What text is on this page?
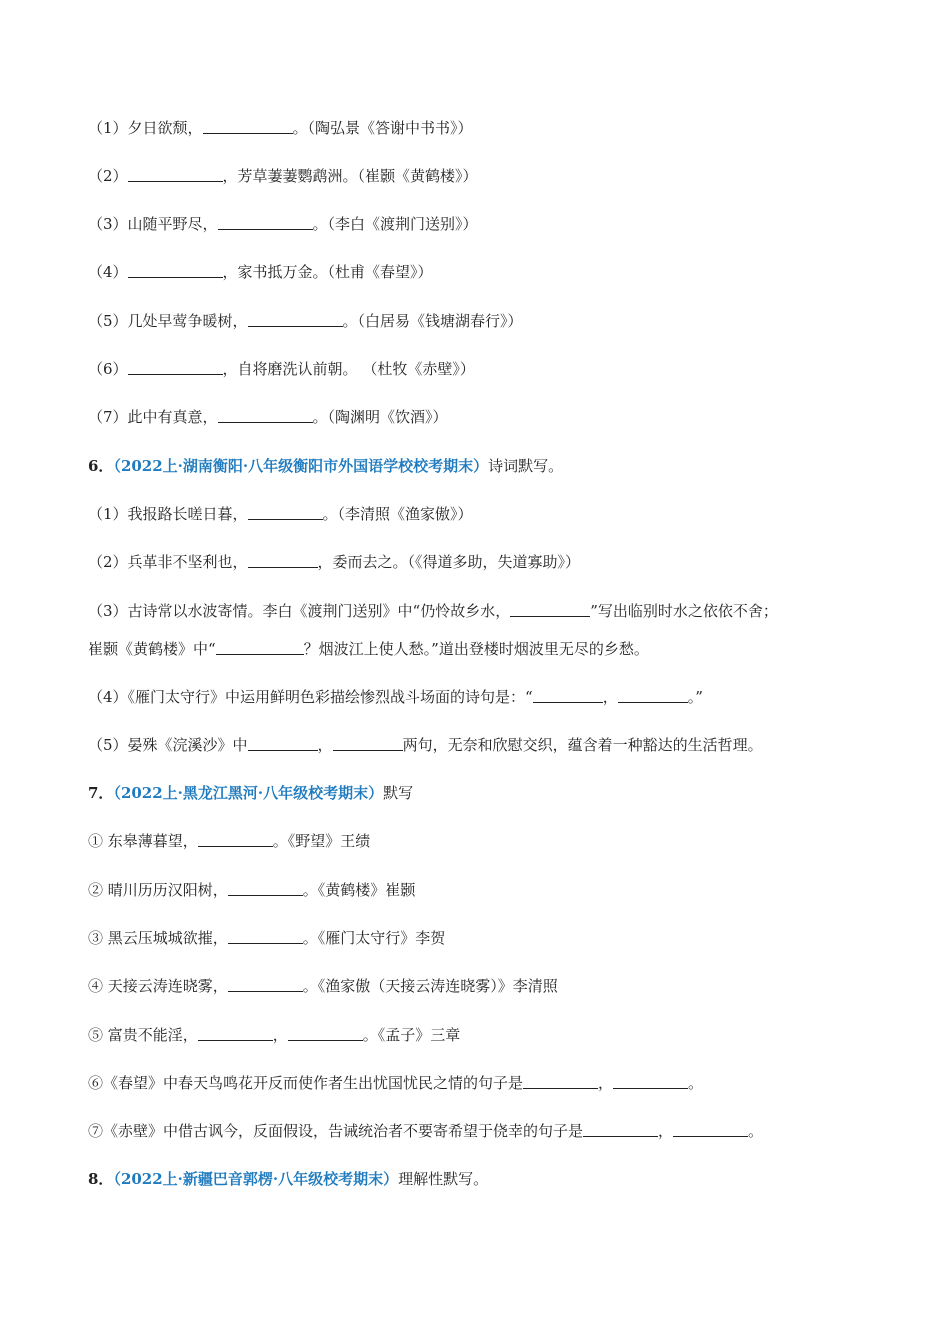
（1）夕日欲颓，	。（陶弘景《答谢中书书》）
（2）	，芳草萋萋鹦鹉洲。（崔颢《黄鹤楼》）
（3）山随平野尽，	。（李白《渡荆门送别》）
（4）	，家书抵万金。（杜甫《春望》）
（5）几处早莺争暖树，	。（白居易《钱塘湖春行》）
（6）	，自将磨洗认前朝。 （杜牧《赤壁》）
（7）此中有真意，	。（陶渊明《饮酒》）
6．（2022上·湖南衡阳·八年级衡阳市外国语学校校考期末）诗词默写。
（1）我报路长嗟日暮，	。（李清照《渔家傲》）
（2）兵革非不坚利也，	，委而去之。（《得道多助，失道寡助》）
（3）古诗常以水波寄情。李白《渡荆门送别》中“仍怜故乡水，	”写出临别时水之依依不舍；
崔颢《黄鹤楼》中“	？烟波江上使人愁。”道出登楼时烟波里无尽的乡愁。
（4）《雁门太守行》中运用鲜明色彩描绘惨烈战斗场面的诗句是：“	，	。”
（5）晏殊《浣溪沙》中	，	两句，无奈和欣慰交织，蕴含着一种豁达的生活哲理。
7．（2022上·黑龙江黑河·八年级校考期末）默写
① 东皋薄暮望，	。《野望》王绩
② 晴川历历汉阳树，	。《黄鹤楼》崔颢
③ 黑云压城城欲摧，	。《雁门太守行》李贺
④ 天接云涛连晓雾，	。《渔家傲（天接云涛连晓雾）》李清照
⑤ 富贵不能淫，	，	。《孟子》三章
⑥《春望》中春天鸟鸣花开反而使作者生出忧国忧民之情的句子是	，	。
⑦《赤壁》中借古讽今，反面假设，告诫统治者不要寄希望于侥幸的句子是	，	。
8．（2022上·新疆巴音郭楞·八年级校考期末）理解性默写。
